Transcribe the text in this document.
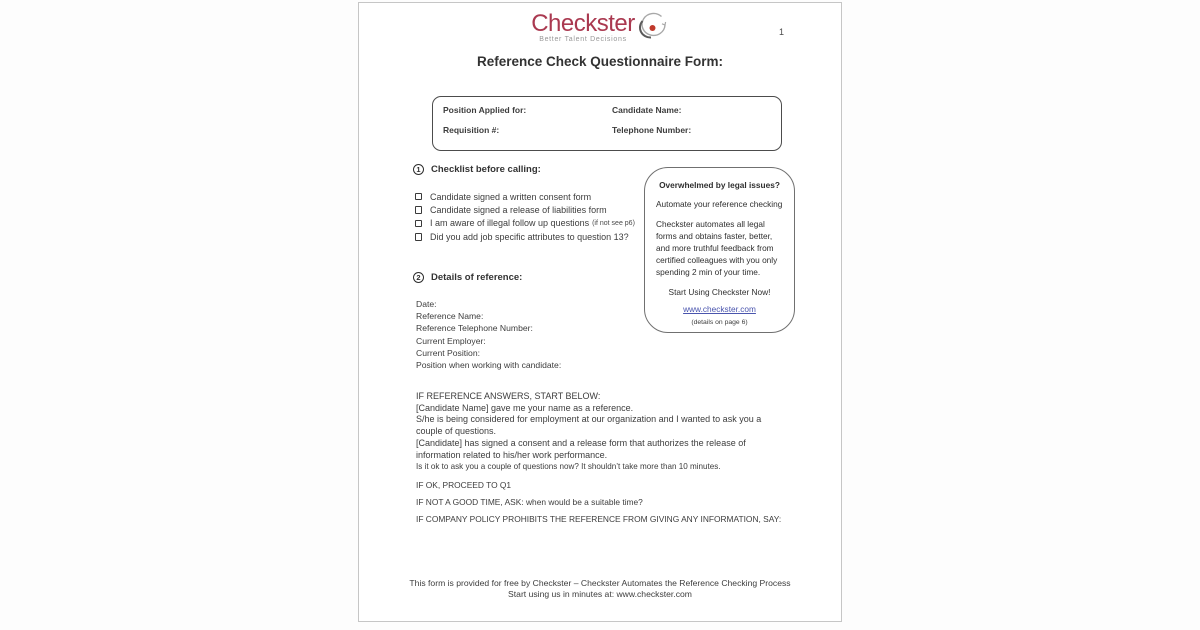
Checkster
Better Talent Decisions
1
Reference Check Questionnaire Form:
Position Applied for:	Candidate Name:
Requisition #:	Telephone Number:
1	Checklist before calling:
Candidate signed a written consent form
Candidate signed a release of liabilities form
I am aware of illegal follow up questions (if not see p6)
Did you add job specific attributes to question 13?
Overwhelmed by legal issues?
Automate your reference checking
Checkster automates all legal forms and obtains faster, better, and more truthful feedback from certified colleagues with you only spending 2 min of your time.
Start Using Checkster Now!
www.checkster.com
(details on page 6)
2	Details of reference:
Date:
Reference Name:
Reference Telephone Number:
Current Employer:
Current Position:
Position when working with candidate:
IF REFERENCE ANSWERS, START BELOW:
[Candidate Name] gave me your name as a reference.
S/he is being considered for employment at our organization and I wanted to ask you a couple of questions.
[Candidate] has signed a consent and a release form that authorizes the release of information related to his/her work performance.
Is it ok to ask you a couple of questions now? It shouldn’t take more than 10 minutes.
IF OK, PROCEED TO Q1
IF NOT A GOOD TIME, ASK: when would be a suitable time?
IF COMPANY POLICY PROHIBITS THE REFERENCE FROM GIVING ANY INFORMATION, SAY:
This form is provided for free by Checkster – Checkster Automates the Reference Checking Process
Start using us in minutes at: www.checkster.com
